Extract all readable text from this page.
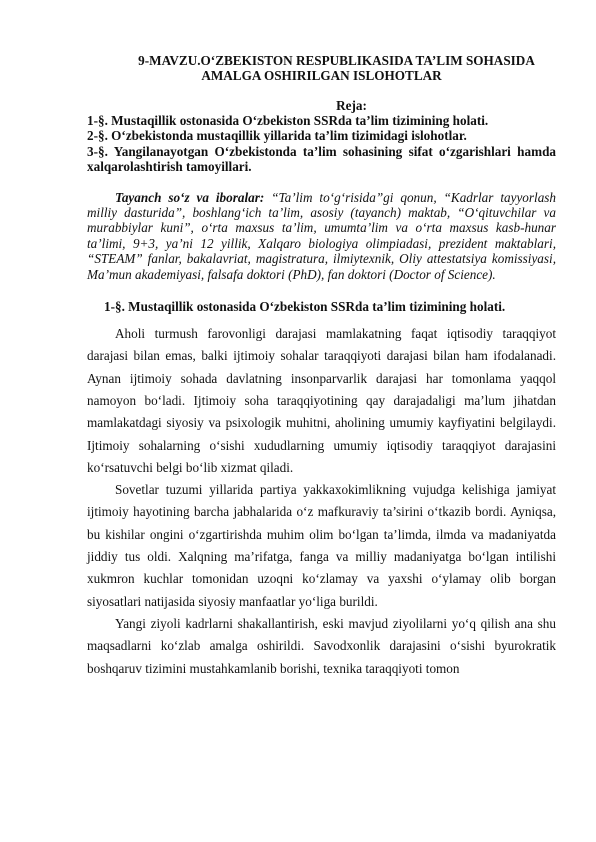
9-MAVZU.O‘ZBEKISTON RESPUBLIKASIDA TA’LIM SOHASIDA
AMALGA OSHIRILGAN ISLOHOTLAR
Reja:
1-§. Mustaqillik ostonasida O‘zbekiston SSRda ta’lim tizimining holati.
2-§. O‘zbekistonda mustaqillik yillarida ta’lim tizimidagi islohotlar.
3-§. Yangilanayotgan O‘zbekistonda ta’lim sohasining sifat o‘zgarishlari hamda xalqarolashtirish tamoyillari.

Tayanch so‘z va iboralar: “Ta’lim to‘g‘risida”gi qonun, “Kadrlar tayyorlash milliy dasturida”, boshlang‘ich ta’lim, asosiy (tayanch) maktab, “O‘qituvchilar va murabbiylar kuni”, o‘rta maxsus ta’lim, umumta’lim va o‘rta maxsus kasb-hunar ta’limi, 9+3, ya’ni 12 yillik, Xalqaro biologiya olimpiadasi, prezident maktablari, “STEAM” fanlar, bakalavriat, magistratura, ilmiytexnik, Oliy attestatsiya komissiyasi, Ma’mun akademiyasi, falsafa doktori (PhD), fan doktori (Doctor of Science).

1-§. Mustaqillik ostonasida O‘zbekiston SSRda ta’lim tizimining holati.

Aholi turmush farovonligi darajasi mamlakatning faqat iqtisodiy taraqqiyot darajasi bilan emas, balki ijtimoiy sohalar taraqqiyoti darajasi bilan ham ifodalanadi. Aynan ijtimoiy sohada davlatning insonparvarlik darajasi har tomonlama yaqqol namoyon bo‘ladi. Ijtimoiy soha taraqqiyotining qay darajadaligi ma’lum jihatdan mamlakatdagi siyosiy va psixologik muhitni, aholining umumiy kayfiyatini belgilaydi. Ijtimoiy sohalarning o‘sishi xududlarning umumiy iqtisodiy taraqqiyot darajasini ko‘rsatuvchi belgi bo‘lib xizmat qiladi.

Sovetlar tuzumi yillarida partiya yakkaxokimlikning vujudga kelishiga jamiyat ijtimoiy hayotining barcha jabhalarida o‘z mafkuraviy ta’sirini o‘tkazib bordi. Ayniqsa, bu kishilar ongini o‘zgartirishda muhim olim bo‘lgan ta’limda, ilmda va madaniyatda jiddiy tus oldi. Xalqning ma’rifatga, fanga va milliy madaniyatga bo‘lgan intilishi xukmron kuchlar tomonidan uzoqni ko‘zlamay va yaxshi o‘ylamay olib borgan siyosatlari natijasida siyosiy manfaatlar yo‘liga burildi.

Yangi ziyoli kadrlarni shakallantirish, eski mavjud ziyolilarni yo‘q qilish ana shu maqsadlarni ko‘zlab amalga oshirildi. Savodxonlik darajasini o‘sishi byurokratik boshqaruv tizimini mustahkamlanib borishi, texnika taraqqiyoti tomon
